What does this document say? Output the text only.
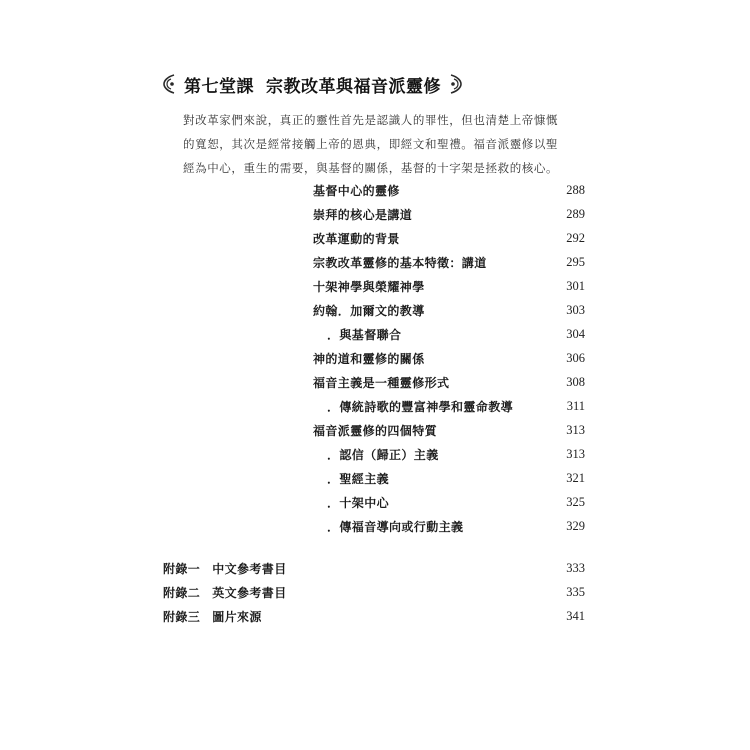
第七堂課 宗教改革與福音派靈修
對改革家們來說，真正的靈性首先是認識人的罪性，但也清楚上帝慷慨
的寬恕，其次是經常接觸上帝的恩典，即經文和聖禮。福音派靈修以聖
經為中心，重生的需要，與基督的關係，基督的十字架是拯救的核心。
基督中心的靈修	288
崇拜的核心是講道	289
改革運動的背景	292
宗教改革靈修的基本特徵：講道	295
十架神學與榮耀神學	301
約翰．加爾文的教導	303
．與基督聯合	304
神的道和靈修的關係	306
福音主義是一種靈修形式	308
．傳統詩歌的豐富神學和靈命教導	311
福音派靈修的四個特質	313
．認信（歸正）主義	313
．聖經主義	321
．十架中心	325
．傳福音導向或行動主義	329
附錄一 中文參考書目	333
附錄二 英文參考書目	335
附錄三 圖片來源	341
